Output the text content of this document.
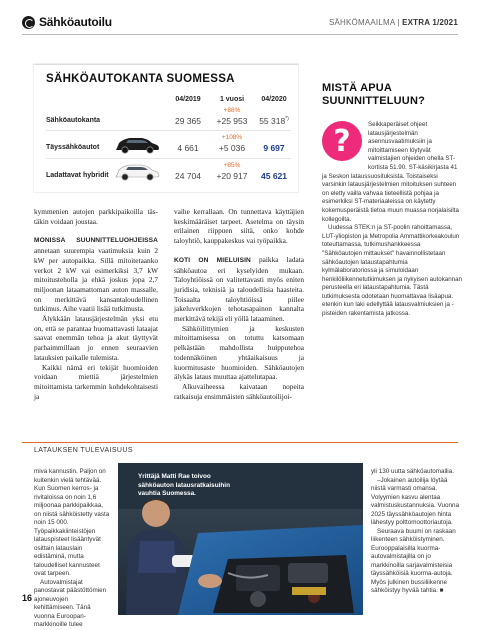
Sähköautoilu	SÄHKÖMAAILMA | EXTRA 1/2021
SÄHKÖAUTOKANTA SUOMESSA
04/2019	1 vuosi	04/2020
Sähköautokanta
+88%
29 365	+25 953	55 318*)
Täyssähköautot
+108%
4 661	+5 036	9 697
Ladattavat hybridit
+85%
24 704	+20 917	45 621
MISTÄ APUA
SUUNNITTELUUN?

Seikkaperäiset ohjeet latausjärjestelmän asennusvaatimuksiin ja mitoittamiseen löytyvät valmistajien ohjeiden ohella ST-kortista 51.90. ST-käsikirjasta 41 ja Seskon lataussuosituksista. Toistaiseksi varsinkin latausjärjestelmien mitoituksen suhteen on eletty vailla vahvaa tieteellistä pohjaa ja esimerkiksi ST-materiaaleissa on käytetty kokemusperäistä tietoa muun muassa norjalaisilta kollegoilta.

Uudessa STEK:n ja ST-poolin rahoittamassa, LUT-yliopiston ja Metropolia Ammattikorkeakoulun toteuttamassa, tutkimushankkeessa "Sähköautojen mittaukset" havainnollistetaan sähköautojen lataustapahtumia kylmälaboratoriossa ja simuloidaan henkilöliikennetutkimuksen ja nykyisen autokannan perusteella eri lataustapahtumia. Tästä tutkimuksesta odotetaan huomattavaa lisäapua. etenkin kun laki edellyttää latausvalmiuksien ja -pisteiden rakentamista jatkossa.

?

kymmenien autojen parkkipaikoilla täs-täkin voidaan joustaa.

MONISSA SUUNNITTELUOHJEISSA annetaan suurempia vaatimuksia kuin 2 kW per autopaikka. Sillä mitoitetaanko verkot 2 kW vai esimerkiksi 3,7 kW mitoitusteholla ja ehkä joskus jopa 2,7 miljoonan lataamattoman auton massalle, on merkittävä kansantaloudellinen tutkimus. Aihe vaatii lisää tutkimusta.

Älykkään latausjärjestelmän yksi etu on, että se parantaa huomattavasti lataajat saavat enemmän tehoa ja akut täyttyvät parhaimmillaan jo ennen seuraavien latauksien paikalle tulemista.

Kaikki nämä eri tekijät huomioiden voidaan miettiä järjestelmien mitoittamista tarkemmin kohdekohtaisesti ja

vaihe kerrallaan. On tunnettava käyttäjien keskimääräiset tarpeet. Asetelma on täysin erilainen riippuen siitä, onko kohde taloyhtiö, kauppakeskus vai työpaikka.

KOTI ON MIELUISIN paikka ladata sähköautoa eri kyselyiden mukaan. Taloyhtiöissä on valitettavasti myös eniten juridisia, teknisiä ja taloudellisia haasteita. Toisaalta taloyhtiöissä piilee jakeluverkkojen tehotasapainon kannalta merkittävä tekijä eli yöllä lataaminen.

Sähköilittymien ja keskusten mitoittamisessa on totuttu katsomaan pelkästään mahdollista huipputehoa todennäköinen yhtäaikaisuus ja kuormitusaste huomioiden. Sähköautojen älykäs lataus muuttaa ajattelutapaa.

Alkuvaiheessa kaivataan nopeita ratkaisuja ensimmäisten sähköautoilijoi-

LATAUKSEN TULEVAISUUS

miva kannustin. Paljon on kuitenkin vielä tehtävää. Kun Suomen kerros- ja rivitaloissa on noin 1,6 miljoonaa parkkipaikkaa, on niistä sähköistetty vasta noin 15 000. Työpaikkakiinteistöjen latauspisteet lisääntyvät osittain latauslain edistäminä, mutta taloudelliset kannusteet ovat tarpeen.

Autovalmistajat panostavat päästöttömien ajoneuvojen kehittämiseen. Tänä vuonna Euroopan-markkinoille tulee

Yrittäjä Matti Rae toivoo sähköauton latausratkaisuihin vauhtia Suomessa.

yli 130 uutta sähköautomallia.

–Jokainen autoilija löytää niistä varmasti omansa. Volyymien kasvu alentaa valmistuskustannuksia. Vuonna 2025 täyssähköautojen hinta lähestyy polttomoottoriautoja.

Seuraava buumi on raskaan liikenteen sähköistyminen. Eurooppalaisilla kuorma-autovalmistajilla on jo markkinoilla sarjavalmisteisia täyssähköisiä kuorma-autoja. Myös julkinen bussiliikenne sähköistyy hyvää tahtia. ■

16
